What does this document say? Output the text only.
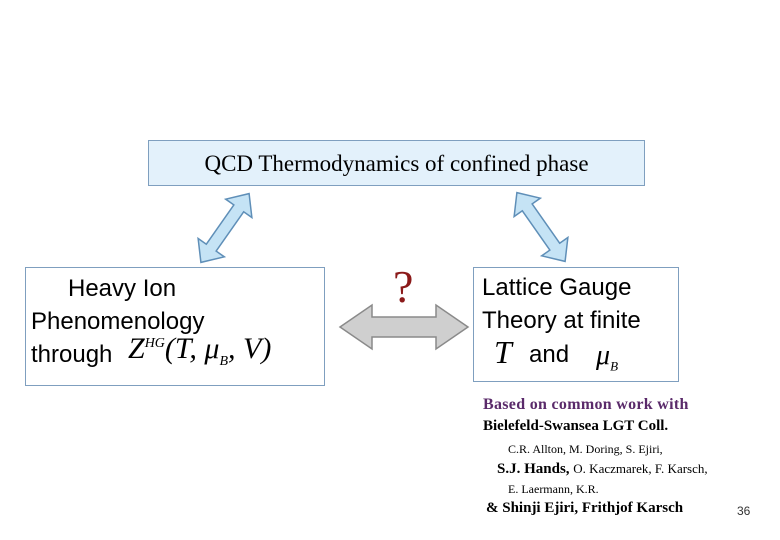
QCD Thermodynamics of confined phase
Heavy Ion
Phenomenology
through $Z^{HG}(T$, $\mu_B$, V)
?	Lattice Gauge
Theory at finite
T and $\mu_B$
Based on common work with
Bielefeld-Swansea LGT Coll.
C.R. Allton, M. Doring, S. Ejiri,
S.J. Hands, O. Kaczmarek, F. Karsch,
E. Laermann, K.R.
& Shinji Ejiri, Frithjof Karsch	36
